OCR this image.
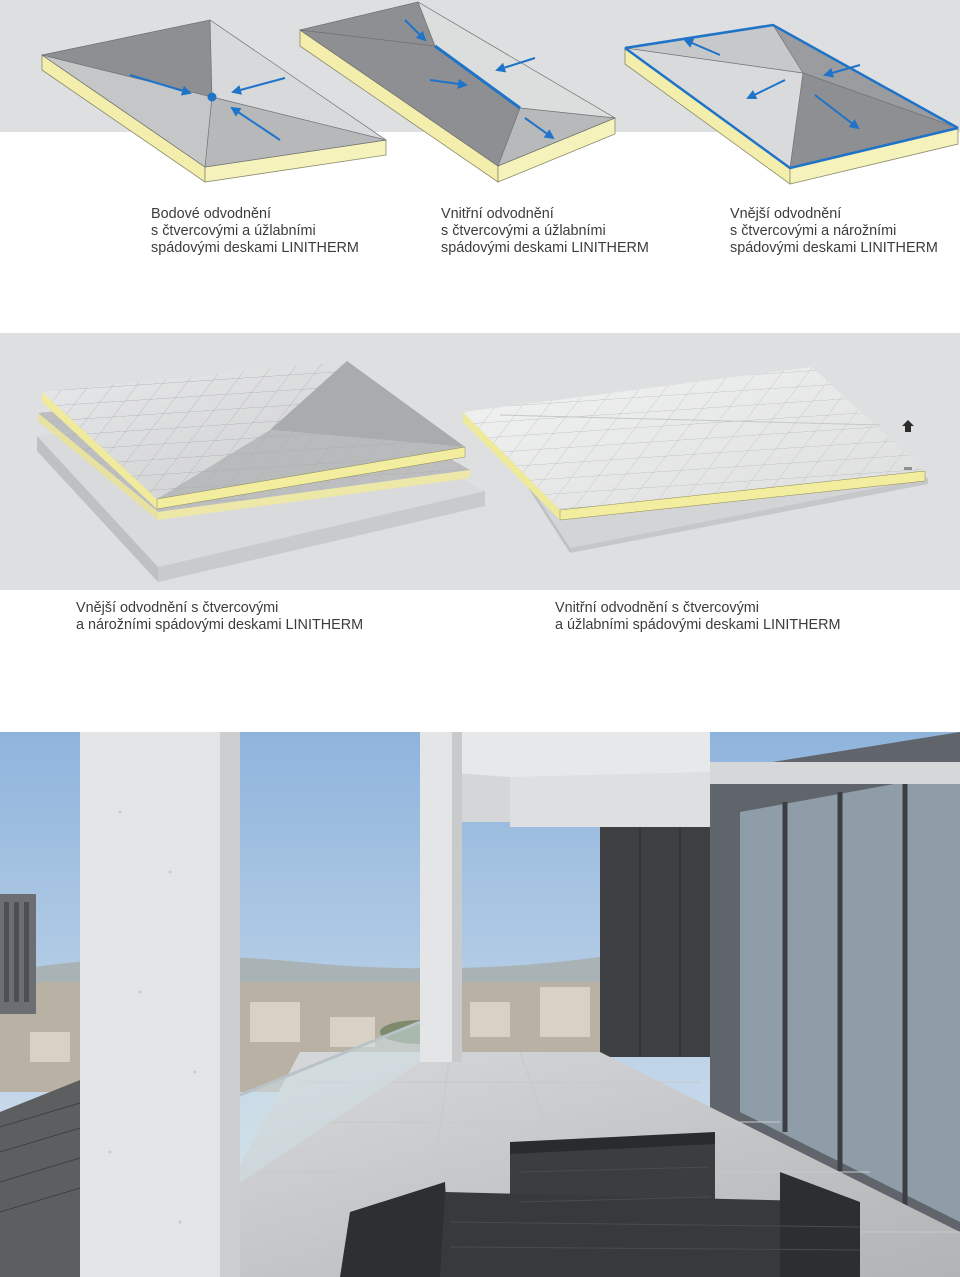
Bodové odvodnění
s čtvercovými a úžlabními
spádovými deskami LINITHERM
Vnitřní odvodnění
s čtvercovými a úžlabními
spádovými deskami LINITHERM
Vnější odvodnění
s čtvercovými a nárožními
spádovými deskami LINITHERM
Vnější odvodnění s čtvercovými
a nárožními spádovými deskami LINITHERM
Vnitřní odvodnění s čtvercovými
a úžlabními spádovými deskami LINITHERM
